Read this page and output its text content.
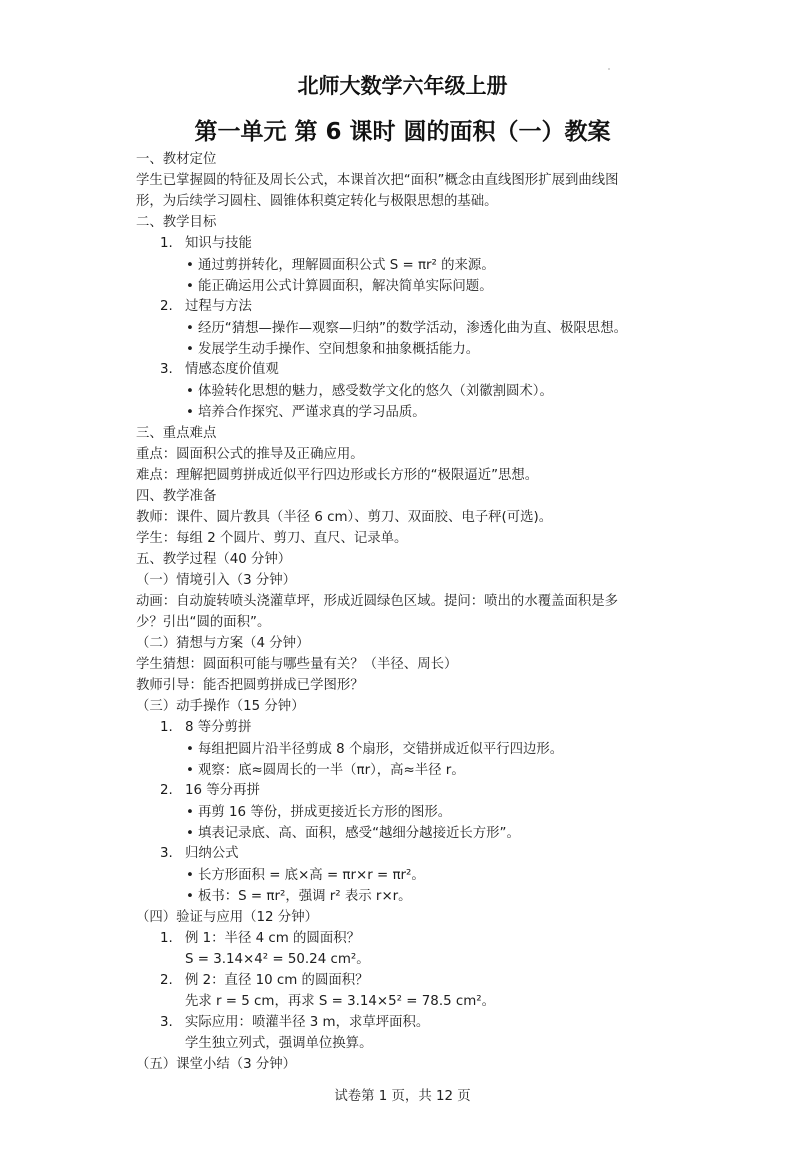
北师大数学六年级上册
第一单元 第 6 课时 圆的面积（一）教案
一、教材定位
学生已掌握圆的特征及周长公式，本课首次把“面积”概念由直线图形扩展到曲线图
形，为后续学习圆柱、圆锥体积奠定转化与极限思想的基础。
二、教学目标
1. 知识与技能
• 通过剪拼转化，理解圆面积公式 S = πr² 的来源。
• 能正确运用公式计算圆面积，解决简单实际问题。
2. 过程与方法
• 经历“猜想—操作—观察—归纳”的数学活动，渗透化曲为直、极限思想。
• 发展学生动手操作、空间想象和抽象概括能力。
3. 情感态度价值观
• 体验转化思想的魅力，感受数学文化的悠久（刘徽割圆术）。
• 培养合作探究、严谨求真的学习品质。
三、重点难点
重点：圆面积公式的推导及正确应用。
难点：理解把圆剪拼成近似平行四边形或长方形的“极限逼近”思想。
四、教学准备
教师：课件、圆片教具（半径 6 cm）、剪刀、双面胶、电子秤(可选)。
学生：每组 2 个圆片、剪刀、直尺、记录单。
五、教学过程（40 分钟）
（一）情境引入（3 分钟）
动画：自动旋转喷头浇灌草坪，形成近圆绿色区域。提问：喷出的水覆盖面积是多
少？引出“圆的面积”。
（二）猜想与方案（4 分钟）
学生猜想：圆面积可能与哪些量有关？（半径、周长）
教师引导：能否把圆剪拼成已学图形？
（三）动手操作（15 分钟）
1. 8 等分剪拼
• 每组把圆片沿半径剪成 8 个扇形，交错拼成近似平行四边形。
• 观察：底≈圆周长的一半（πr），高≈半径 r。
2. 16 等分再拼
• 再剪 16 等份，拼成更接近长方形的图形。
• 填表记录底、高、面积，感受“越细分越接近长方形”。
3. 归纳公式
• 长方形面积 = 底×高 = πr×r = πr²。
• 板书：S = πr²，强调 r² 表示 r×r。
（四）验证与应用（12 分钟）
1. 例 1：半径 4 cm 的圆面积？
S = 3.14×4² = 50.24 cm²。
2. 例 2：直径 10 cm 的圆面积？
先求 r = 5 cm，再求 S = 3.14×5² = 78.5 cm²。
3. 实际应用：喷灌半径 3 m，求草坪面积。
学生独立列式，强调单位换算。
（五）课堂小结（3 分钟）
试卷第 1 页，共 12 页
